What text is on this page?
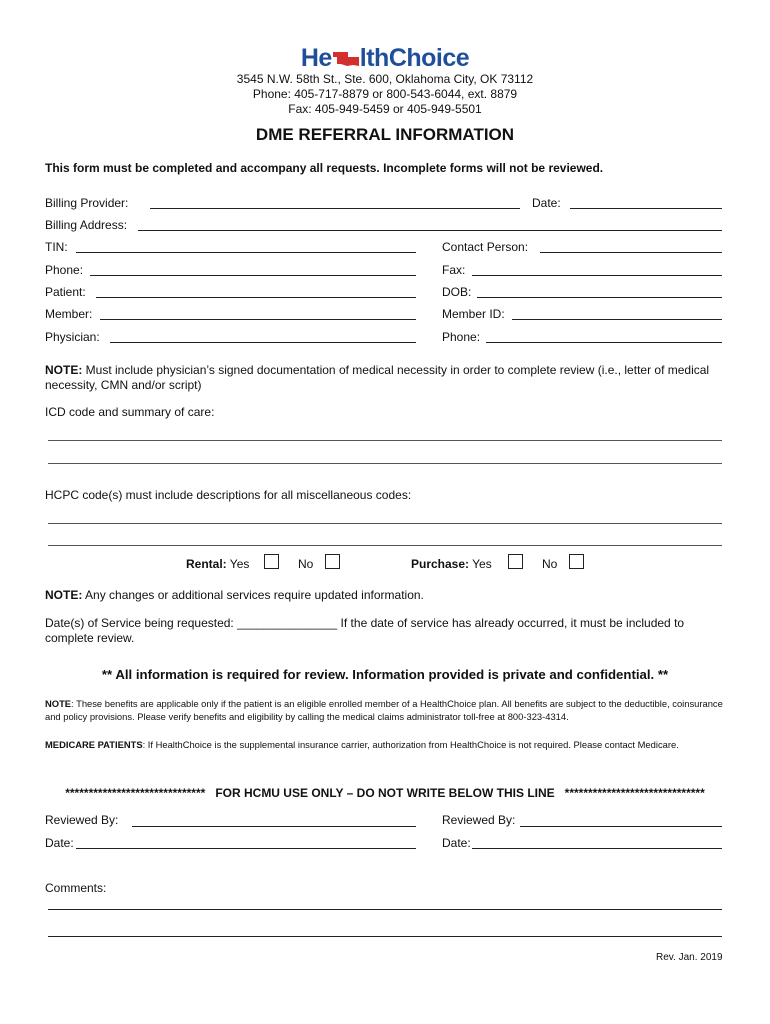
He lthChoice
3545 N.W. 58th St., Ste. 600, Oklahoma City, OK 73112
Phone: 405-717-8879 or 800-543-6044, ext. 8879
Fax: 405-949-5459 or 405-949-5501
DME REFERRAL INFORMATION
This form must be completed and accompany all requests. Incomplete forms will not be reviewed.
Billing Provider:	Date:
Billing Address:
TIN:	Contact Person:
Phone:	Fax:
Patient:	DOB:
Member:	Member ID:
Physician:	Phone:
NOTE: Must include physician’s signed documentation of medical necessity in order to complete review (i.e., letter of medical necessity, CMN and/or script)
ICD code and summary of care:
HCPC code(s) must include descriptions for all miscellaneous codes:
Rental: Yes	No	Purchase: Yes	No
NOTE: Any changes or additional services require updated information.
Date(s) of Service being requested: _______________ If the date of service has already occurred, it must be included to complete review.
** All information is required for review. Information provided is private and confidential. **
NOTE: These benefits are applicable only if the patient is an eligible enrolled member of a HealthChoice plan. All benefits are subject to the deductible, coinsurance and policy provisions. Please verify benefits and eligibility by calling the medical claims administrator toll-free at 800-323-4314.
MEDICARE PATIENTS: If HealthChoice is the supplemental insurance carrier, authorization from HealthChoice is not required. Please contact Medicare.
******************************   FOR HCMU USE ONLY – DO NOT WRITE BELOW THIS LINE   ******************************
Reviewed By:	Reviewed By:
Date:	Date:
Comments:
Rev. Jan. 2019
